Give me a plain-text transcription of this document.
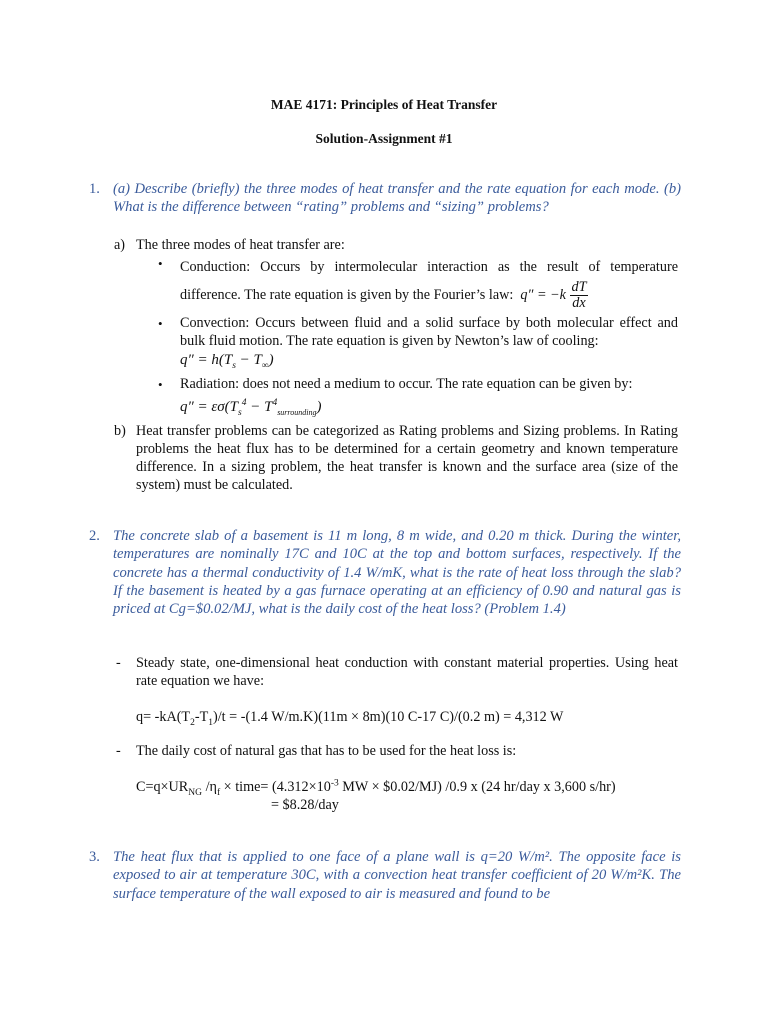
MAE 4171: Principles of Heat Transfer
Solution-Assignment #1
1. (a) Describe (briefly) the three modes of heat transfer and the rate equation for each mode. (b) What is the difference between “rating” problems and “sizing” problems?
a) The three modes of heat transfer are:
• Conduction: Occurs by intermolecular interaction as the result of temperature difference. The rate equation is given by the Fourier’s law:  $q'' = -k \frac{dT}{dx}$
• Convection: Occurs between fluid and a solid surface by both molecular effect and bulk fluid motion. The rate equation is given by Newton’s law of cooling:
$q'' = h(T_s - T_\infty)$
• Radiation: does not need a medium to occur. The rate equation can be given by:
$q'' = \varepsilon\sigma(T_s^4 - T^4_{surrounding})$
b) Heat transfer problems can be categorized as Rating problems and Sizing problems. In Rating problems the heat flux has to be determined for a certain geometry and known temperature difference. In a sizing problem, the heat transfer is known and the surface area (size of the system) must be calculated.
2. The concrete slab of a basement is 11 m long, 8 m wide, and 0.20 m thick. During the winter, temperatures are nominally 17C and 10C at the top and bottom surfaces, respectively. If the concrete has a thermal conductivity of 1.4 W/mK, what is the rate of heat loss through the slab? If the basement is heated by a gas furnace operating at an efficiency of 0.90 and natural gas is priced at Cg=$0.02/MJ, what is the daily cost of the heat loss? (Problem 1.4)
- Steady state, one-dimensional heat conduction with constant material properties. Using heat rate equation we have:
$q= -kA(T_2-T_1)/t = -(1.4$ W/m.K)(11m × 8m)(10 C-17 C)/(0.2 m) = 4,312 W
- The daily cost of natural gas that has to be used for the heat loss is:
$C=q\times UR_{NG}$ $/\eta_f$ × time= ($4.312\times 10^{-3}$ MW × $0.02/MJ) /0.9 x (24 hr/day x 3,600 s/hr)
= $8.28/day
3. The heat flux that is applied to one face of a plane wall is q=20 W/m². The opposite face is exposed to air at temperature 30C, with a convection heat transfer coefficient of 20 W/m²K. The surface temperature of the wall exposed to air is measured and found to be
